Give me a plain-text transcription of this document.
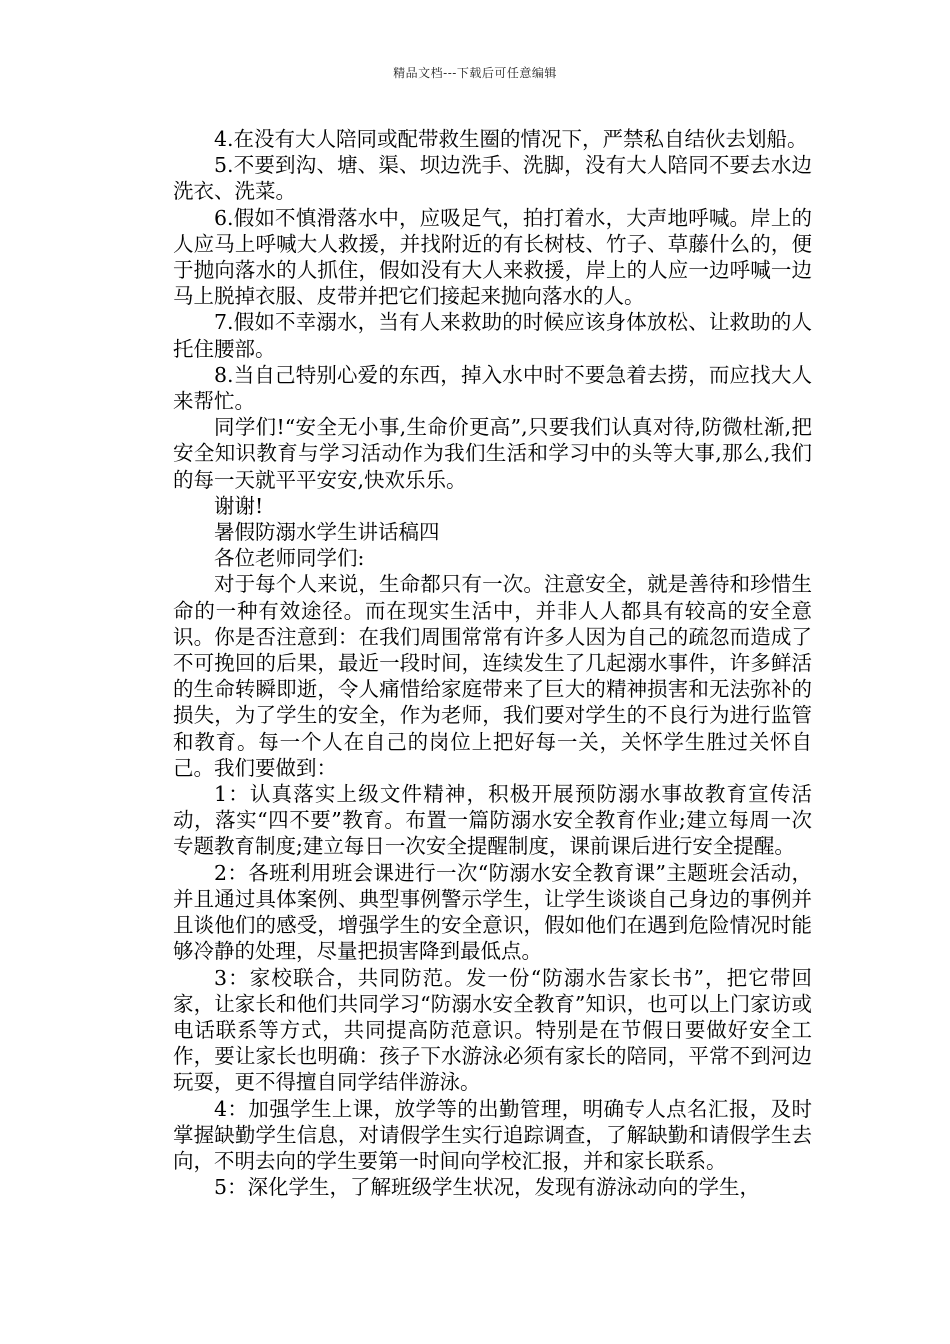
精品文档---下载后可任意编辑

4.在没有大人陪同或配带救生圈的情况下，严禁私自结伙去划船。

5.不要到沟、塘、渠、坝边洗手、洗脚，没有大人陪同不要去水边洗衣、洗菜。

6.假如不慎滑落水中，应吸足气，拍打着水，大声地呼喊。岸上的人应马上呼喊大人救援，并找附近的有长树枝、竹子、草藤什么的，便于抛向落水的人抓住，假如没有大人来救援，岸上的人应一边呼喊一边马上脱掉衣服、皮带并把它们接起来抛向落水的人。

7.假如不幸溺水，当有人来救助的时候应该身体放松、让救助的人托住腰部。

8.当自己特别心爱的东西，掉入水中时不要急着去捞，而应找大人来帮忙。

同学们!“安全无小事,生命价更高”,只要我们认真对待,防微杜渐,把安全知识教育与学习活动作为我们生活和学习中的头等大事,那么,我们的每一天就平平安安,快欢乐乐。

谢谢!

暑假防溺水学生讲话稿四

各位老师同学们:

对于每个人来说，生命都只有一次。注意安全，就是善待和珍惜生命的一种有效途径。而在现实生活中，并非人人都具有较高的安全意识。你是否注意到：在我们周围常常有许多人因为自己的疏忽而造成了不可挽回的后果，最近一段时间，连续发生了几起溺水事件，许多鲜活的生命转瞬即逝，令人痛惜给家庭带来了巨大的精神损害和无法弥补的损失，为了学生的安全，作为老师，我们要对学生的不良行为进行监管和教育。每一个人在自己的岗位上把好每一关，关怀学生胜过关怀自己。我们要做到：

1：认真落实上级文件精神，积极开展预防溺水事故教育宣传活动，落实“四不要”教育。布置一篇防溺水安全教育作业;建立每周一次专题教育制度;建立每日一次安全提醒制度，课前课后进行安全提醒。

2：各班利用班会课进行一次“防溺水安全教育课”主题班会活动，并且通过具体案例、典型事例警示学生，让学生谈谈自己身边的事例并且谈他们的感受，增强学生的安全意识，假如他们在遇到危险情况时能够冷静的处理，尽量把损害降到最低点。

3：家校联合，共同防范。发一份“防溺水告家长书”，把它带回家，让家长和他们共同学习“防溺水安全教育”知识，也可以上门家访或电话联系等方式，共同提高防范意识。特别是在节假日要做好安全工作，要让家长也明确：孩子下水游泳必须有家长的陪同，平常不到河边玩耍，更不得擅自同学结伴游泳。

4：加强学生上课，放学等的出勤管理，明确专人点名汇报，及时掌握缺勤学生信息，对请假学生实行追踪调查，了解缺勤和请假学生去向，不明去向的学生要第一时间向学校汇报，并和家长联系。

5：深化学生，了解班级学生状况，发现有游泳动向的学生，
